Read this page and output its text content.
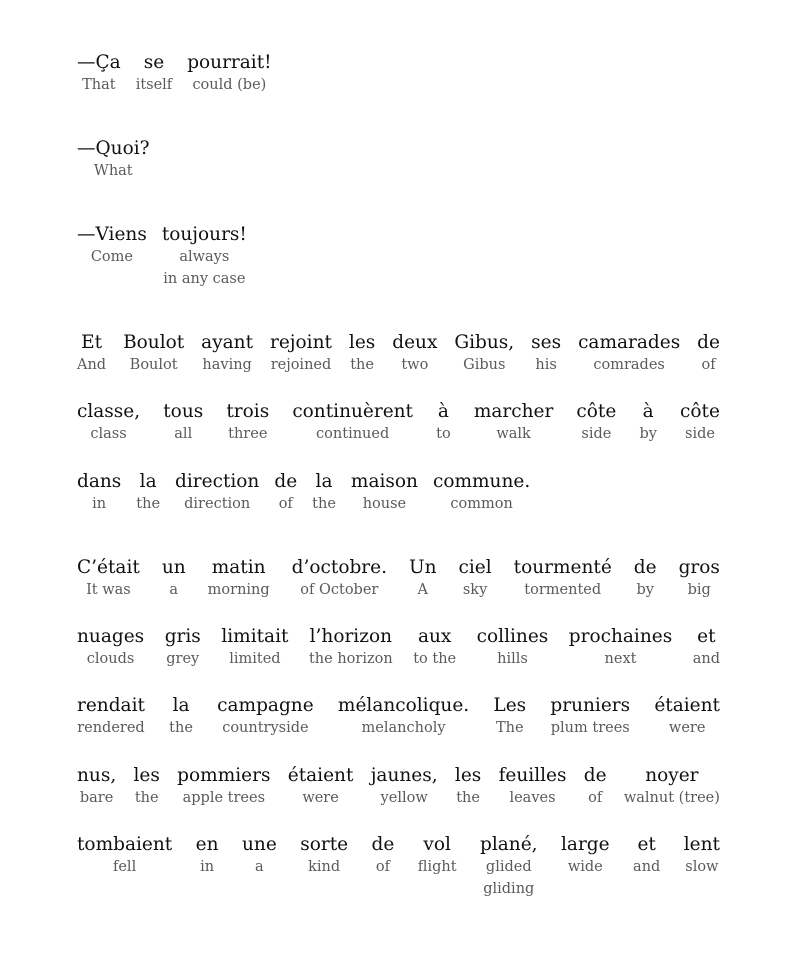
—Ça
That
se
itself
pourrait!
could (be)
—Quoi?
What
—Viens
Come
toujours!
always
in any case
Et
And
Boulot
Boulot
ayant
having
rejoint
rejoined
les
the
deux
two
Gibus,
Gibus
ses
his
camarades
comrades
de
of
classe,
class
tous
all
trois
three
continuèrent
continued
à
to
marcher
walk
côte
side
à
by
côte
side
dans
in
la
the
direction
direction
de
of
la
the
maison
house
commune.
common
C’était
It was
un
a
matin
morning
d’octobre.
of October
Un
A
ciel
sky
tourmenté
tormented
de
by
gros
big
nuages
clouds
gris
grey
limitait
limited
l’horizon
the horizon
aux
to the
collines
hills
prochaines
next
et
and
rendait
rendered
la
the
campagne
countryside
mélancolique.
melancholy
Les
The
pruniers
plum trees
étaient
were
nus,
bare
les
the
pommiers
apple trees
étaient
were
jaunes,
yellow
les
the
feuilles
leaves
de
of
noyer
walnut (tree)
tombaient
fell
en
in
une
a
sorte
kind
de
of
vol
flight
plané,
glided
gliding
large
wide
et
and
lent
slow
